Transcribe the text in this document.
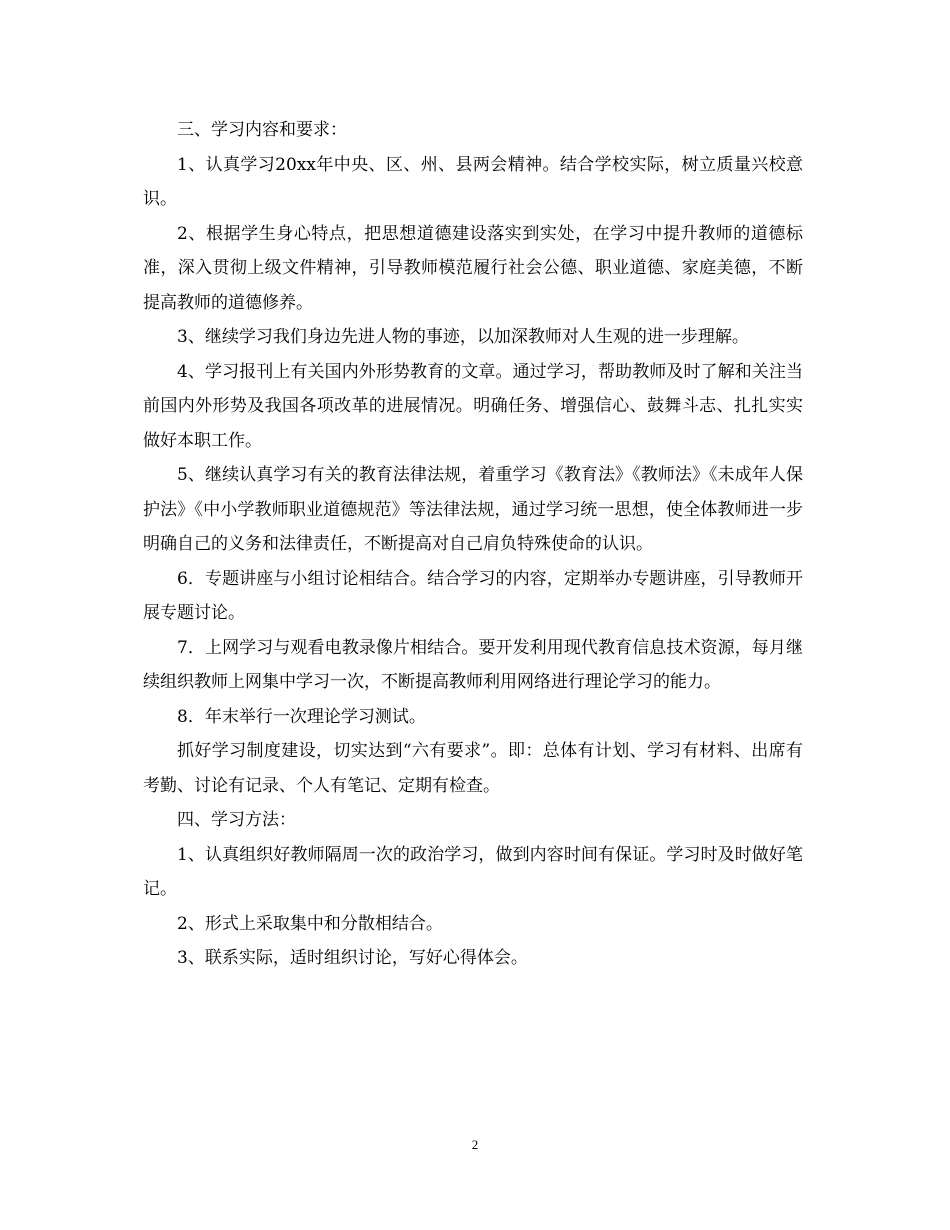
三、学习内容和要求：

1、认真学习20xx年中央、区、州、县两会精神。结合学校实际，树立质量兴校意识。

2、根据学生身心特点，把思想道德建设落实到实处，在学习中提升教师的道德标准，深入贯彻上级文件精神，引导教师模范履行社会公德、职业道德、家庭美德，不断提高教师的道德修养。

3、继续学习我们身边先进人物的事迹，以加深教师对人生观的进一步理解。

4、学习报刊上有关国内外形势教育的文章。通过学习，帮助教师及时了解和关注当前国内外形势及我国各项改革的进展情况。明确任务、增强信心、鼓舞斗志、扎扎实实做好本职工作。

5、继续认真学习有关的教育法律法规，着重学习《教育法》《教师法》《未成年人保护法》《中小学教师职业道德规范》等法律法规，通过学习统一思想，使全体教师进一步明确自己的义务和法律责任，不断提高对自己肩负特殊使命的认识。

6．专题讲座与小组讨论相结合。结合学习的内容，定期举办专题讲座，引导教师开展专题讨论。

7．上网学习与观看电教录像片相结合。要开发利用现代教育信息技术资源，每月继续组织教师上网集中学习一次，不断提高教师利用网络进行理论学习的能力。

8．年末举行一次理论学习测试。

抓好学习制度建设，切实达到“六有要求”。即：总体有计划、学习有材料、出席有考勤、讨论有记录、个人有笔记、定期有检查。

四、学习方法：

1、认真组织好教师隔周一次的政治学习，做到内容时间有保证。学习时及时做好笔记。

2、形式上采取集中和分散相结合。

3、联系实际，适时组织讨论，写好心得体会。

2
